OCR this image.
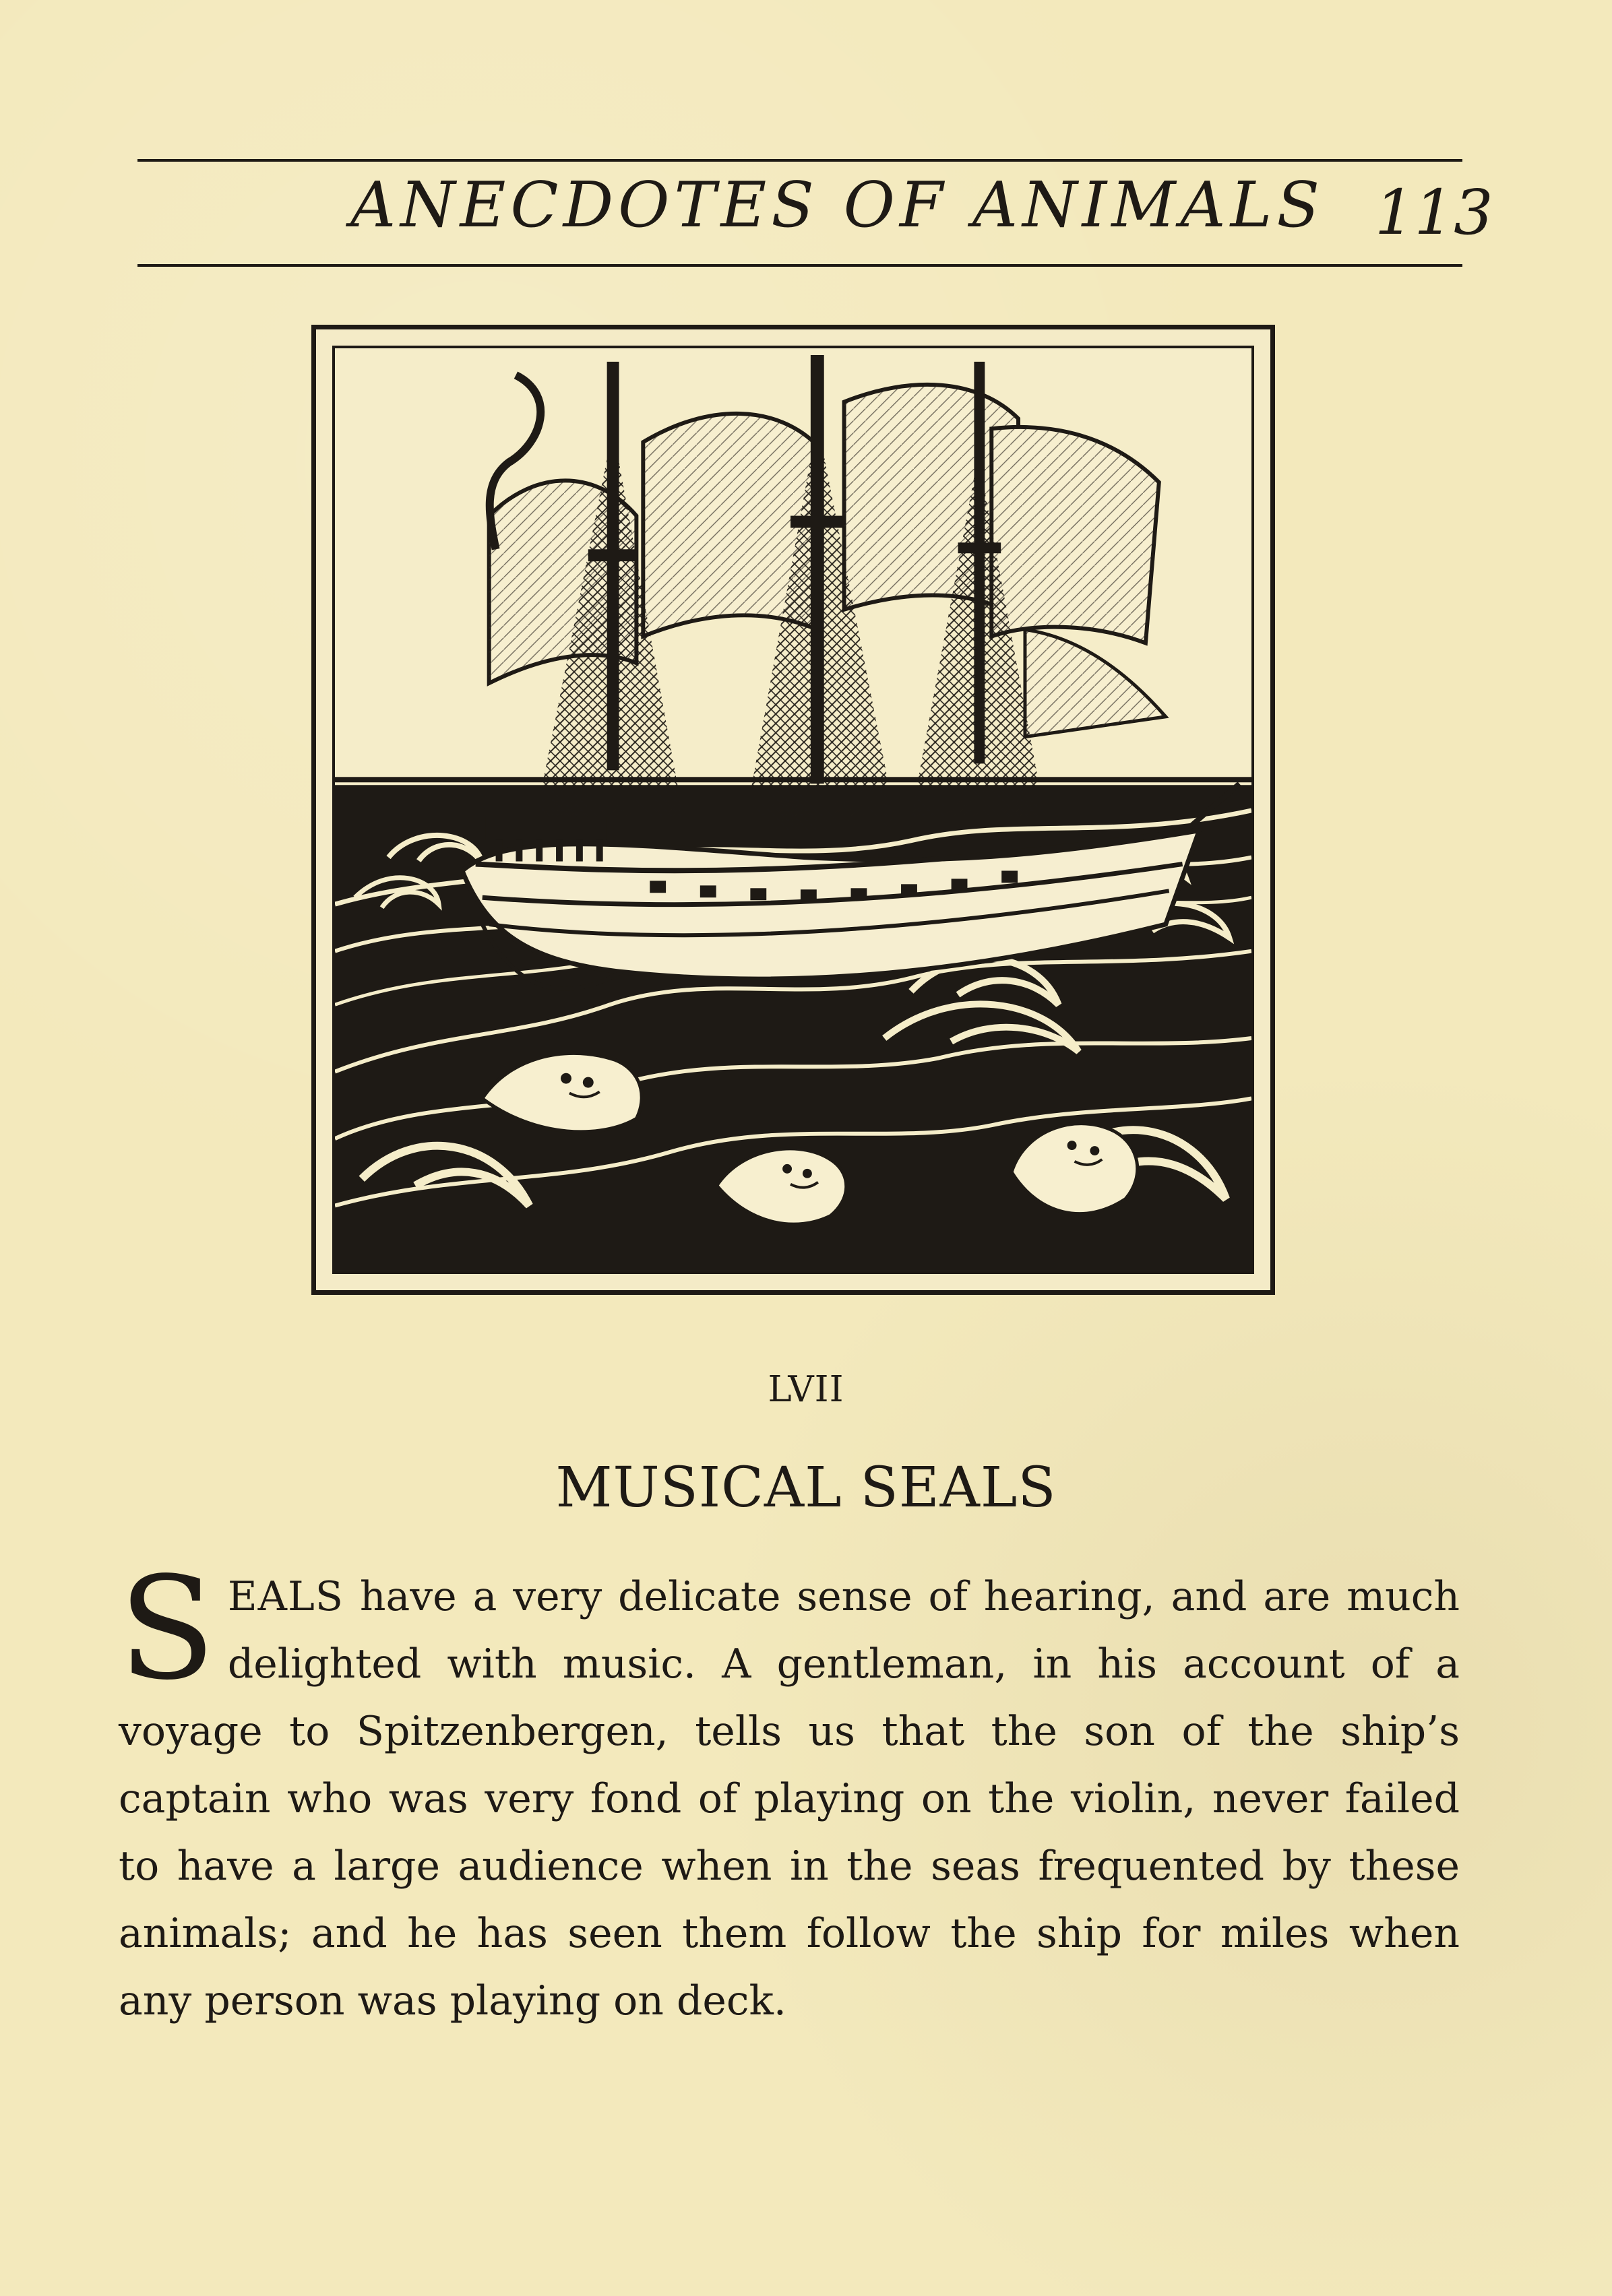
ANECDOTES OF ANIMALS 113
LVII
MUSICAL SEALS
SEALS have a very delicate sense of hearing, and are much delighted with music. A gentleman, in his account of a voyage to Spitzenbergen, tells us that the son of the ship’s captain who was very fond of playing on the violin, never failed to have a large audience when in the seas frequented by these animals; and he has seen them follow the ship for miles when any person was playing on deck.
